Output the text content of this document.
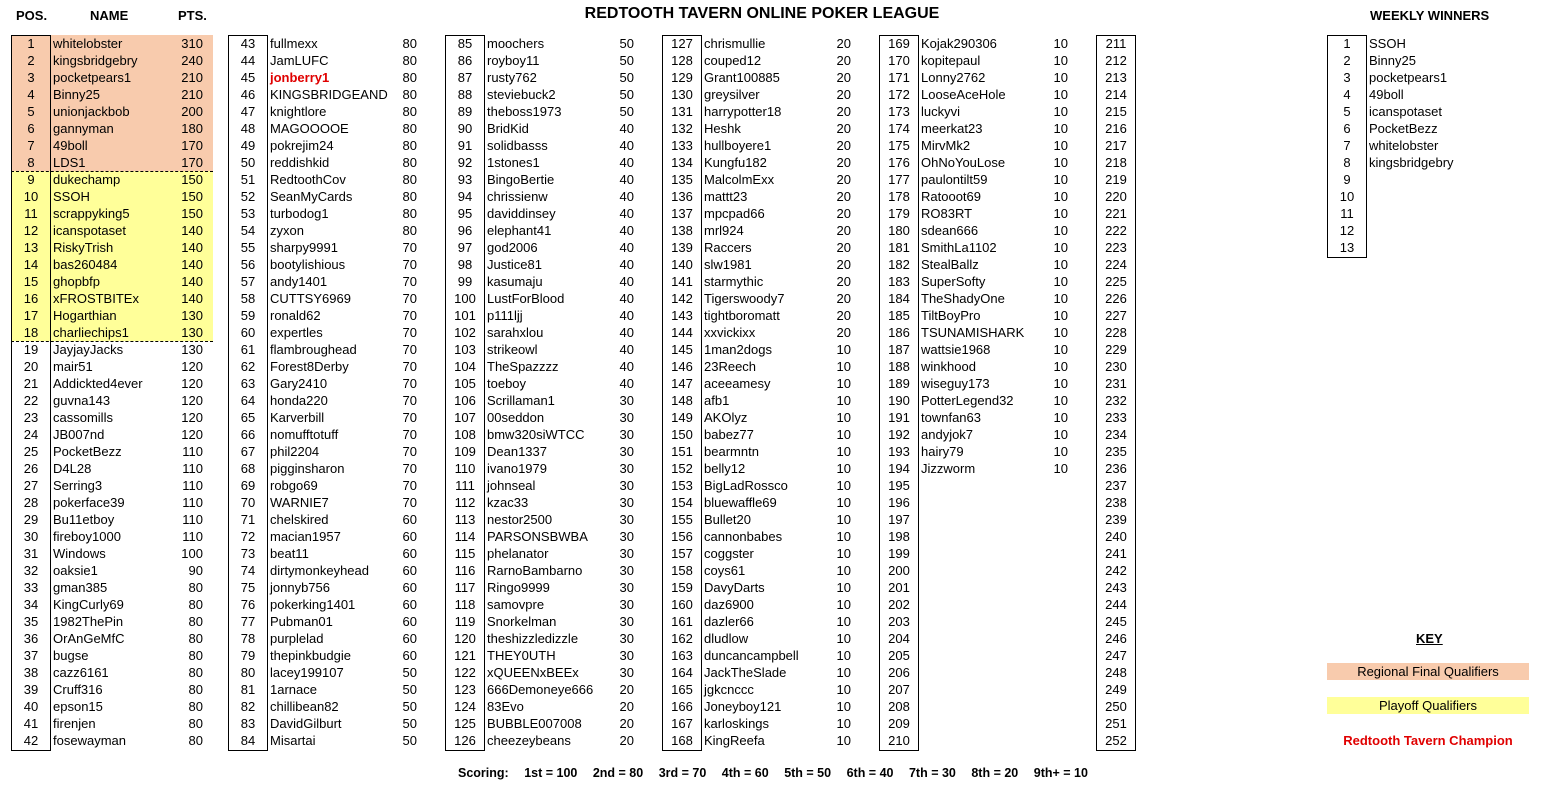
REDTOOTH TAVERN ONLINE POKER LEAGUE
POS.	NAME	PTS.	WEEKLY WINNERS
1	whitelobster	310
2	kingsbridgebry	240
3	pocketpears1	210
4	Binny25	210
5	unionjackbob	200
6	gannyman	180
7	49boll	170
8	LDS1	170
9	dukechamp	150
10	SSOH	150
11	scrappyking5	150
12	icanspotaset	140
13	RiskyTrish	140
14	bas260484	140
15	ghopbfp	140
16	xFROSTBITEx	140
17	Hogarthian	130
18	charliechips1	130
19	JayjayJacks	130
20	mair51	120
21	Addickted4ever	120
22	guvna143	120
23	cassomills	120
24	JB007nd	120
25	PocketBezz	110
26	D4L28	110
27	Serring3	110
28	pokerface39	110
29	Bu11etboy	110
30	fireboy1000	110
31	Windows	100
32	oaksie1	90
33	gman385	80
34	KingCurly69	80
35	1982ThePin	80
36	OrAnGeMfC	80
37	bugse	80
38	cazz6161	80
39	Cruff316	80
40	epson15	80
41	firenjen	80
42	fosewayman	80
43	fullmexx	80
44	JamLUFC	80
45	jonberry1	80
46	KINGSBRIDGEAND 80
47	knightlore	80
48	MAGOOOOE	80
49	pokrejim24	80
50	reddishkid	80
51	RedtoothCov	80
52	SeanMyCards	80
53	turbodog1	80
54	zyxon	80
55	sharpy9991	70
56	bootylishious	70
57	andy1401	70
58	CUTTSY6969	70
59	ronald62	70
60	expertles	70
61	flambroughead	70
62	Forest8Derby	70
63	Gary2410	70
64	honda220	70
65	Karverbill	70
66	nomufftotuff	70
67	phil2204	70
68	pigginsharon	70
69	robgo69	70
70	WARNIE7	70
71	chelskired	60
72	macian1957	60
73	beat11	60
74	dirtymonkeyhead	60
75	jonnyb756	60
76	pokerking1401	60
77	Pubman01	60
78	purplelad	60
79	thepinkbudgie	60
80	lacey199107	50
81	1arnace	50
82	chillibean82	50
83	DavidGilburt	50
84	Misartai	50
85	moochers	50
86	royboy11	50
87	rusty762	50
88	steviebuck2	50
89	theboss1973	50
90	BridKid	40
91	solidbasss	40
92	1stones1	40
93	BingoBertie	40
94	chrissienw	40
95	daviddinsey	40
96	elephant41	40
97	god2006	40
98	Justice81	40
99	kasumaju	40
100 LustForBlood	40
101 p111ljj	40
102 sarahxlou	40
103 strikeowl	40
104 TheSpazzzz	40
105 toeboy	40
106 Scrillaman1	30
107 00seddon	30
108 bmw320siWTCC	30
109 Dean1337	30
110 ivano1979	30
111 johnseal	30
112 kzac33	30
113 nestor2500	30
114 PARSONSBWBA 30
115 phelanator	30
116 RarnoBambarno	30
117 Ringo9999	30
118 samovpre	30
119 Snorkelman	30
120 theshizzledizzle	30
121 THEY0UTH	30
122 xQUEENxBEEx	30
123 666Demoneye666 20
124 83Evo	20
125 BUBBLE007008	20
126 cheezeybeans	20
127 chrismullie	20
128 couped12	20
129 Grant100885	20
130 greysilver	20
131 harrypotter18	20
132 Heshk	20
133 hullboyere1	20
134 Kungfu182	20
135 MalcolmExx	20
136 mattt23	20
137 mpcpad66	20
138 mrl924	20
139 Raccers	20
140 slw1981	20
141 starmythic	20
142 Tigerswoody7	20
143 tightboromatt	20
144 xxvickixx	20
145 1man2dogs	10
146 23Reech	10
147 aceeamesy	10
148 afb1	10
149 AKOlyz	10
150 babez77	10
151 bearmntn	10
152 belly12	10
153 BigLadRossco	10
154 bluewaffle69	10
155 Bullet20	10
156 cannonbabes	10
157 coggster	10
158 coys61	10
159 DavyDarts	10
160 daz6900	10
161 dazler66	10
162 dludlow	10
163 duncancampbell	10
164 JackTheSlade	10
165 jgkcnccc	10
166 Joneyboy121	10
167 karloskings	10
168 KingReefa	10
169 Kojak290306	10
170 kopitepaul	10
171 Lonny2762	10
172 LooseAceHole	10
173 luckyvi	10
174 meerkat23	10
175 MirvMk2	10
176 OhNoYouLose	10
177 paulontilt59	10
178 Ratooot69	10
179 RO83RT	10
180 sdean666	10
181 SmithLa1102	10
182 StealBallz	10
183 SuperSofty	10
184 TheShadyOne	10
185 TiltBoyPro	10
186 TSUNAMISHARK 10
187 wattsie1968	10
188 winkhood	10
189 wiseguy173	10
190 PotterLegend32	10
191 townfan63	10
192 andyjok7	10
193 hairy79	10
194 Jizzworm	10
195
196
197
198
199
200
201
202
203
204
205
206
207
208
209
210
211
212
213
214
215
216
217
218
219
220
221
222
223
224
225
226
227
228
229
230
231
232
233
234
235
236
237
238
239
240
241
242
243
244
245
246
247
248
249
250
251
252
1	SSOH
2	Binny25
3	pocketpears1
4	49boll
5	icanspotaset
6	PocketBezz
7	whitelobster
8	kingsbridgebry
9
10
11
12
13
KEY
Regional Final Qualifiers
Playoff Qualifiers
Redtooth Tavern Champion
Scoring: 1st = 100 2nd = 80 3rd = 70 4th = 60 5th = 50 6th = 40 7th = 30 8th = 20 9th+ = 10
